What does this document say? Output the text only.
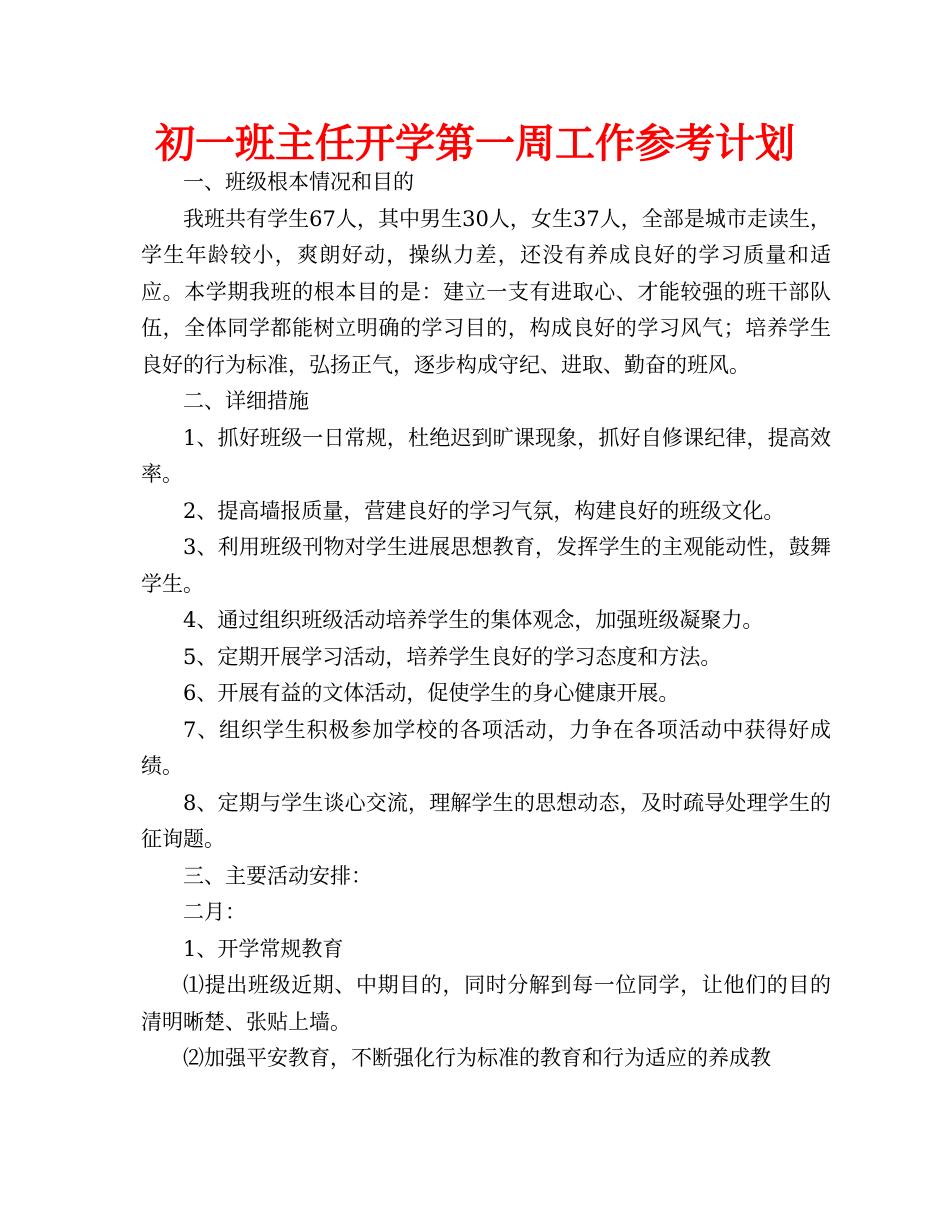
初一班主任开学第一周工作参考计划

一、班级根本情况和目的

我班共有学生67人，其中男生30人，女生37人，全部是城市走读生，学生年龄较小，爽朗好动，操纵力差，还没有养成良好的学习质量和适应。本学期我班的根本目的是：建立一支有进取心、才能较强的班干部队伍，全体同学都能树立明确的学习目的，构成良好的学习风气；培养学生良好的行为标准，弘扬正气，逐步构成守纪、进取、勤奋的班风。

二、详细措施

1、抓好班级一日常规，杜绝迟到旷课现象，抓好自修课纪律，提高效率。

2、提高墙报质量，营建良好的学习气氛，构建良好的班级文化。

3、利用班级刊物对学生进展思想教育，发挥学生的主观能动性，鼓舞学生。

4、通过组织班级活动培养学生的集体观念，加强班级凝聚力。

5、定期开展学习活动，培养学生良好的学习态度和方法。

6、开展有益的文体活动，促使学生的身心健康开展。

7、组织学生积极参加学校的各项活动，力争在各项活动中获得好成绩。

8、定期与学生谈心交流，理解学生的思想动态，及时疏导处理学生的征询题。

三、主要活动安排：

二月：

1、开学常规教育

⑴提出班级近期、中期目的，同时分解到每一位同学，让他们的目的清明晰楚、张贴上墙。

⑵加强平安教育，不断强化行为标准的教育和行为适应的养成教
